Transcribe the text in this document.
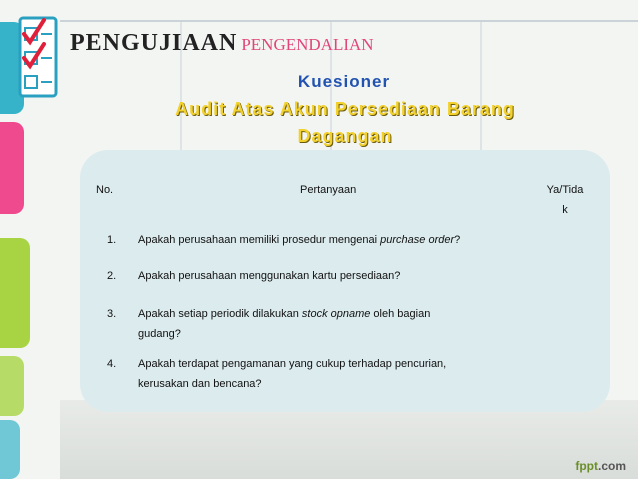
PENGUJIAAN PENGENDALIAN
Kuesioner
Audit Atas Akun Persediaan Barang Dagangan
No.	Pertanyaan	Ya/Tida
k
1. Apakah perusahaan memiliki prosedur mengenai purchase order?
2. Apakah perusahaan menggunakan kartu persediaan?
3. Apakah setiap periodik dilakukan stock opname oleh bagian
gudang?
4. Apakah terdapat pengamanan yang cukup terhadap pencurian,
kerusakan dan bencana?
fppt.com
